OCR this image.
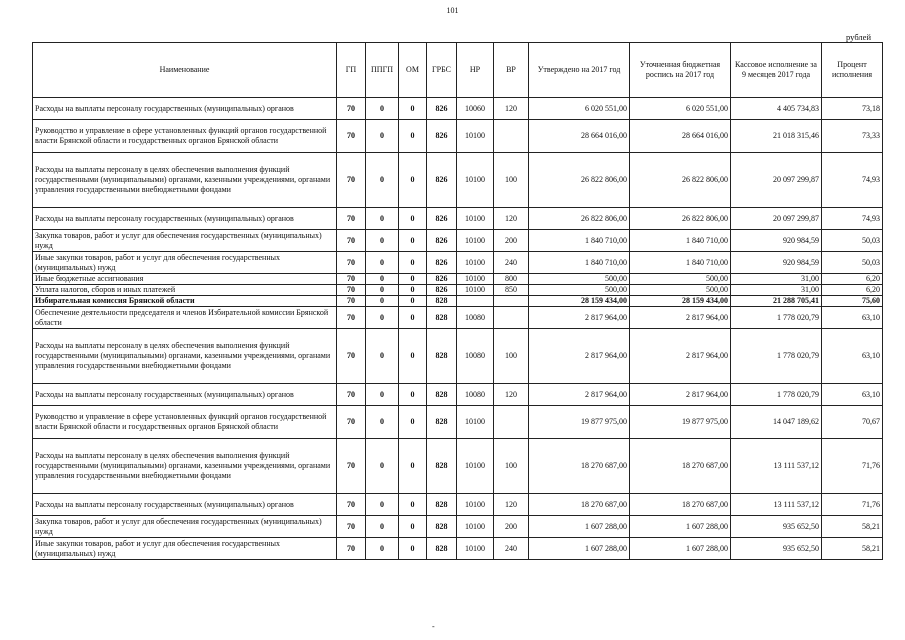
101
рублей
Наименование	ГП	ППГП	ОМ	ГРБС	НР	ВР	Утверждено на 2017 год	Уточненная бюджетная роспись на 2017 год	Кассовое исполнение за 9 месяцев 2017 года	Процент исполнения
Расходы на выплаты персоналу государственных (муниципальных) органов	70	0	0	826	10060	120	6 020 551,00	6 020 551,00	4 405 734,83	73,18
Руководство и управление в сфере установленных функций органов государственной власти Брянской области и государственных органов Брянской области	70	0	0	826	10100		28 664 016,00	28 664 016,00	21 018 315,46	73,33
Расходы на выплаты персоналу в целях обеспечения выполнения функций государственными (муниципальными) органами, казенными учреждениями, органами управления государственными внебюджетными фондами	70	0	0	826	10100	100	26 822 806,00	26 822 806,00	20 097 299,87	74,93
Расходы на выплаты персоналу государственных (муниципальных) органов	70	0	0	826	10100	120	26 822 806,00	26 822 806,00	20 097 299,87	74,93
Закупка товаров, работ и услуг для обеспечения государственных (муниципальных) нужд	70	0	0	826	10100	200	1 840 710,00	1 840 710,00	920 984,59	50,03
Иные закупки товаров, работ и услуг для обеспечения государственных (муниципальных) нужд	70	0	0	826	10100	240	1 840 710,00	1 840 710,00	920 984,59	50,03
Иные бюджетные ассигнования	70	0	0	826	10100	800	500,00	500,00	31,00	6,20
Уплата налогов, сборов и иных платежей	70	0	0	826	10100	850	500,00	500,00	31,00	6,20
Избирательная комиссия Брянской области	70	0	0	828			28 159 434,00	28 159 434,00	21 288 705,41	75,60
Обеспечение деятельности председателя и членов Избирательной комиссии Брянской области	70	0	0	828	10080		2 817 964,00	2 817 964,00	1 778 020,79	63,10
Расходы на выплаты персоналу в целях обеспечения выполнения функций государственными (муниципальными) органами, казенными учреждениями, органами управления государственными внебюджетными фондами	70	0	0	828	10080	100	2 817 964,00	2 817 964,00	1 778 020,79	63,10
Расходы на выплаты персоналу государственных (муниципальных) органов	70	0	0	828	10080	120	2 817 964,00	2 817 964,00	1 778 020,79	63,10
Руководство и управление в сфере установленных функций органов государственной власти Брянской области и государственных органов Брянской области	70	0	0	828	10100		19 877 975,00	19 877 975,00	14 047 189,62	70,67
Расходы на выплаты персоналу в целях обеспечения выполнения функций государственными (муниципальными) органами, казенными учреждениями, органами управления государственными внебюджетными фондами	70	0	0	828	10100	100	18 270 687,00	18 270 687,00	13 111 537,12	71,76
Расходы на выплаты персоналу государственных (муниципальных) органов	70	0	0	828	10100	120	18 270 687,00	18 270 687,00	13 111 537,12	71,76
Закупка товаров, работ и услуг для обеспечения государственных (муниципальных) нужд	70	0	0	828	10100	200	1 607 288,00	1 607 288,00	935 652,50	58,21
Иные закупки товаров, работ и услуг для обеспечения государственных (муниципальных) нужд	70	0	0	828	10100	240	1 607 288,00	1 607 288,00	935 652,50	58,21
-
